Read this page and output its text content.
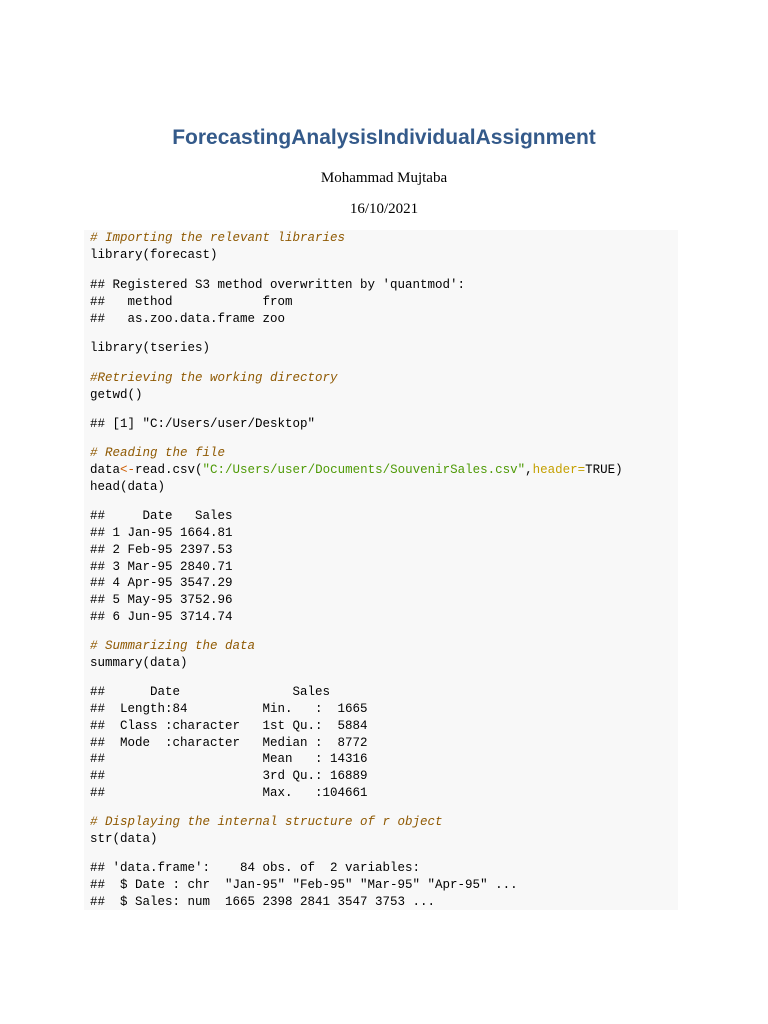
ForecastingAnalysisIndividualAssignment
Mohammad Mujtaba
16/10/2021
# Importing the relevant libraries
library(forecast)
## Registered S3 method overwritten by 'quantmod':
##   method            from
##   as.zoo.data.frame zoo
library(tseries)
#Retrieving the working directory
getwd()
## [1] "C:/Users/user/Desktop"
# Reading the file
data<-read.csv("C:/Users/user/Documents/SouvenirSales.csv",header=TRUE)
head(data)
##     Date   Sales
## 1 Jan-95 1664.81
## 2 Feb-95 2397.53
## 3 Mar-95 2840.71
## 4 Apr-95 3547.29
## 5 May-95 3752.96
## 6 Jun-95 3714.74
# Summarizing the data
summary(data)
##      Date               Sales
##  Length:84          Min.   :  1665
##  Class :character   1st Qu.:  5884
##  Mode  :character   Median :  8772
##                     Mean   : 14316
##                     3rd Qu.: 16889
##                     Max.   :104661
# Displaying the internal structure of r object
str(data)
## 'data.frame':    84 obs. of  2 variables:
##  $ Date : chr  "Jan-95" "Feb-95" "Mar-95" "Apr-95" ...
##  $ Sales: num  1665 2398 2841 3547 3753 ...
